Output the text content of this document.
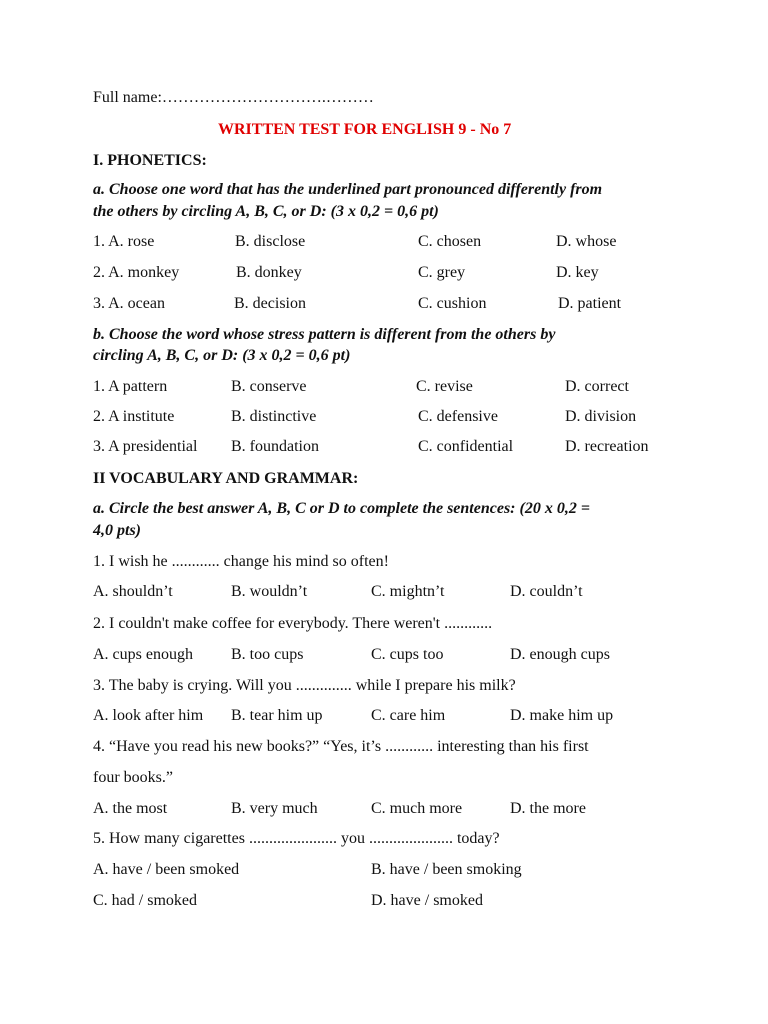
Full name:………………………….………
WRITTEN TEST FOR ENGLISH 9 - No 7
I. PHONETICS:
a. Choose one word that has the underlined part pronounced differently from
the others by circling A, B, C, or D: (3 x 0,2 = 0,6 pt)
1. A. rose	B. disclose	C. chosen	D. whose
2. A. monkey	B. donkey	C. grey	D. key
3. A. ocean	B. decision	C. cushion	D. patient
b. Choose the word whose stress pattern is different from the others by
circling A, B, C, or D: (3 x 0,2 = 0,6 pt)
1. A pattern	B. conserve	C. revise	D. correct
2. A institute	B. distinctive	C. defensive	D. division
3. A presidential B. foundation	C. confidential	D. recreation
II VOCABULARY AND GRAMMAR:
a. Circle the best answer A, B, C or D to complete the sentences: (20 x 0,2 =
4,0 pts)
1. I wish he ............ change his mind so often!
A. shouldn’t	B. wouldn’t	C. mightn’t	D. couldn’t
2. I couldn't make coffee for everybody. There weren't ............
A. cups enough B. too cups	C. cups too	D. enough cups
3. The baby is crying. Will you .............. while I prepare his milk?
A. look after him B. tear him up	C. care him	D. make him up
4. “Have you read his new books?” “Yes, it’s ............ interesting than his first
four books.”
A. the most	B. very much	C. much more	D. the more
5. How many cigarettes ...................... you ..................... today?
A. have / been smoked	B. have / been smoking
C. had / smoked	D. have / smoked
